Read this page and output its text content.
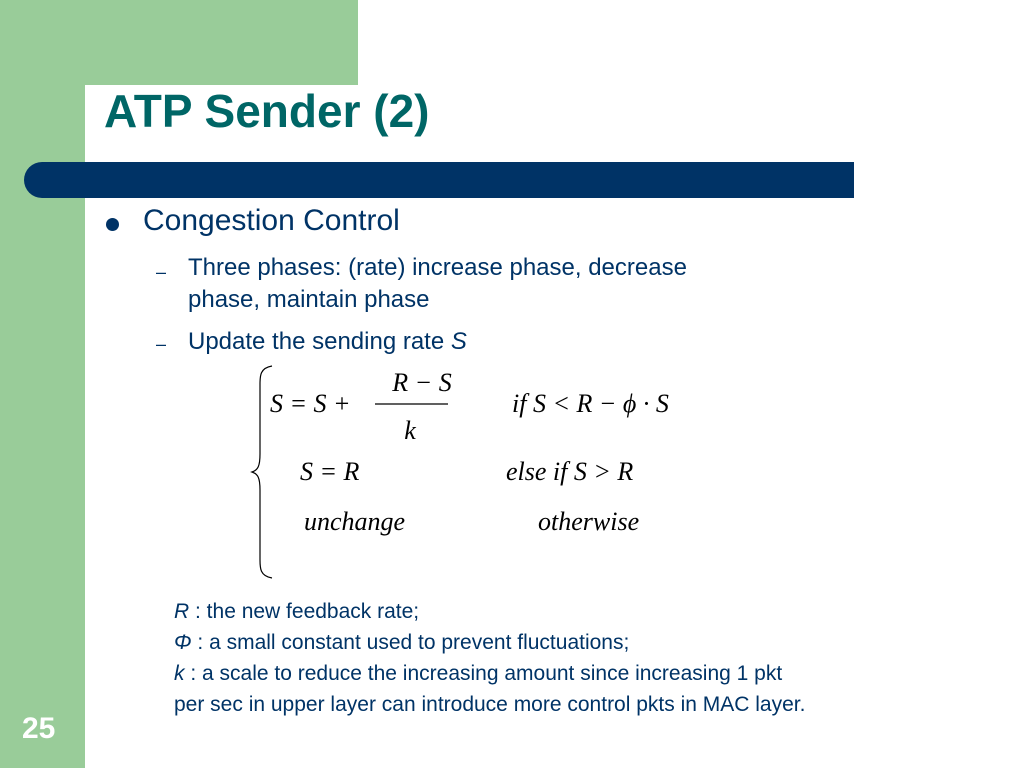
ATP Sender (2)
Congestion Control
– Three phases: (rate) increase phase, decrease
phase, maintain phase
– Update the sending rate S
S = S +
R − S
k
if S < R − ϕ · S
S = R	else if S > R
unchange	otherwise
R : the new feedback rate;
Φ : a small constant used to prevent fluctuations;
k : a scale to reduce the increasing amount since increasing 1 pkt
per sec in upper layer can introduce more control pkts in MAC layer.
25
